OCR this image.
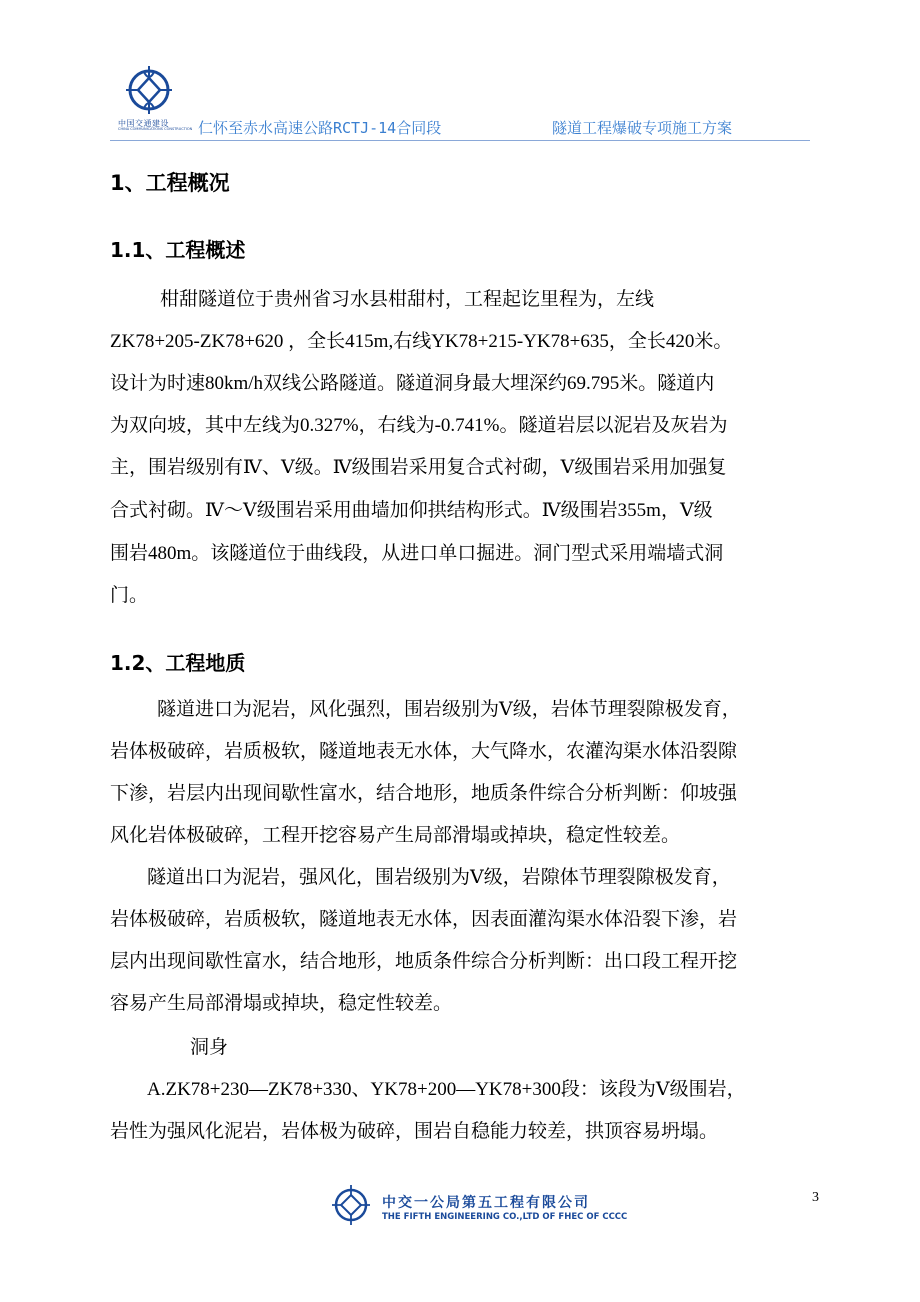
中国交通建设
CHINA COMMUNICATIONS CONSTRUCTION 仁怀至赤水高速公路RCTJ-14合同段	隧道工程爆破专项施工方案
1、工程概况
1.1、工程概述
柑甜隧道位于贵州省习水县柑甜村，工程起讫里程为，左线
ZK78+205-ZK78+620 ，全长415m,右线YK78+215-YK78+635，全长420米。
设计为时速80km/h双线公路隧道。隧道洞身最大埋深约69.795米。隧道内
为双向坡，其中左线为0.327%，右线为-0.741%。隧道岩层以泥岩及灰岩为
主，围岩级别有Ⅳ、Ⅴ级。Ⅳ级围岩采用复合式衬砌，Ⅴ级围岩采用加强复
合式衬砌。Ⅳ～Ⅴ级围岩采用曲墙加仰拱结构形式。Ⅳ级围岩355m，Ⅴ级
围岩480m。该隧道位于曲线段，从进口单口掘进。洞门型式采用端墙式洞
门。
1.2、工程地质
隧道进口为泥岩，风化强烈，围岩级别为Ⅴ级，岩体节理裂隙极发育，
岩体极破碎，岩质极软，隧道地表无水体，大气降水，农灌沟渠水体沿裂隙
下渗，岩层内出现间歇性富水，结合地形，地质条件综合分析判断：仰坡强
风化岩体极破碎，工程开挖容易产生局部滑塌或掉块，稳定性较差。
隧道出口为泥岩，强风化，围岩级别为Ⅴ级，岩隙体节理裂隙极发育，
岩体极破碎，岩质极软，隧道地表无水体，因表面灌沟渠水体沿裂下渗，岩
层内出现间歇性富水，结合地形，地质条件综合分析判断：出口段工程开挖
容易产生局部滑塌或掉块，稳定性较差。
洞身
A.ZK78+230—ZK78+330、YK78+200—YK78+300段：该段为Ⅴ级围岩，
岩性为强风化泥岩，岩体极为破碎，围岩自稳能力较差，拱顶容易坍塌。
中交一公局第五工程有限公司
THE FIFTH ENGINEERING CO.,LTD OF FHEC OF CCCC
3
